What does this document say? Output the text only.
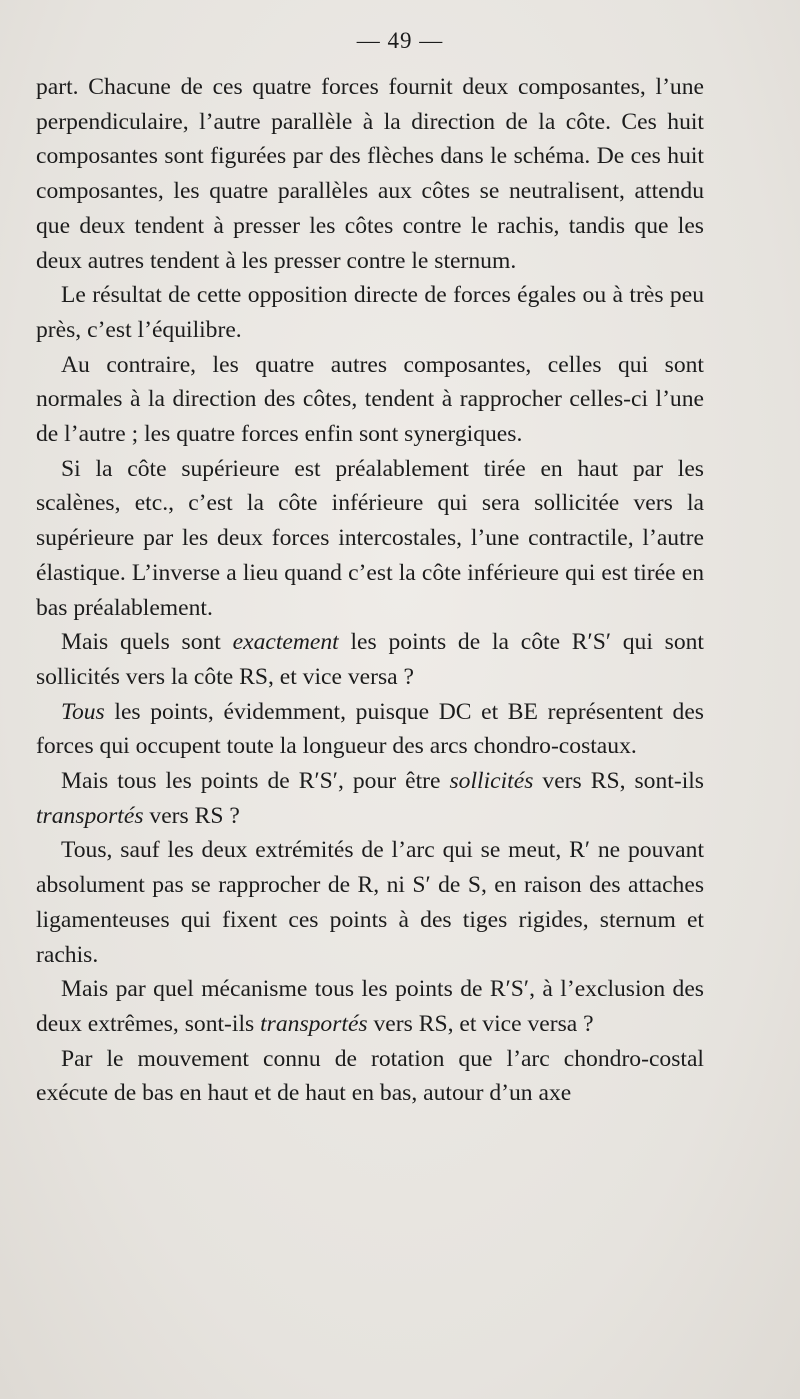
— 49 —

part. Chacune de ces quatre forces fournit deux composantes, l’une perpendiculaire, l’autre parallèle à la direction de la côte. Ces huit composantes sont figurées par des flèches dans le schéma. De ces huit composantes, les quatre parallèles aux côtes se neutralisent, attendu que deux tendent à presser les côtes contre le rachis, tandis que les deux autres tendent à les presser contre le sternum.

Le résultat de cette opposition directe de forces égales ou à très peu près, c’est l’équilibre.

Au contraire, les quatre autres composantes, celles qui sont normales à la direction des côtes, tendent à rapprocher celles-ci l’une de l’autre ; les quatre forces enfin sont synergiques.

Si la côte supérieure est préalablement tirée en haut par les scalènes, etc., c’est la côte inférieure qui sera sollicitée vers la supérieure par les deux forces intercostales, l’une contractile, l’autre élastique. L’inverse a lieu quand c’est la côte inférieure qui est tirée en bas préalablement.

Mais quels sont exactement les points de la côte R′S′ qui sont sollicités vers la côte RS, et vice versa ?

Tous les points, évidemment, puisque DC et BE représentent des forces qui occupent toute la longueur des arcs chondro-costaux.

Mais tous les points de R′S′, pour être sollicités vers RS, sont-ils transportés vers RS ?

Tous, sauf les deux extrémités de l’arc qui se meut, R′ ne pouvant absolument pas se rapprocher de R, ni S′ de S, en raison des attaches ligamenteuses qui fixent ces points à des tiges rigides, sternum et rachis.

Mais par quel mécanisme tous les points de R′S′, à l’exclusion des deux extrêmes, sont-ils transportés vers RS, et vice versa ?

Par le mouvement connu de rotation que l’arc chondro-costal exécute de bas en haut et de haut en bas, autour d’un axe
